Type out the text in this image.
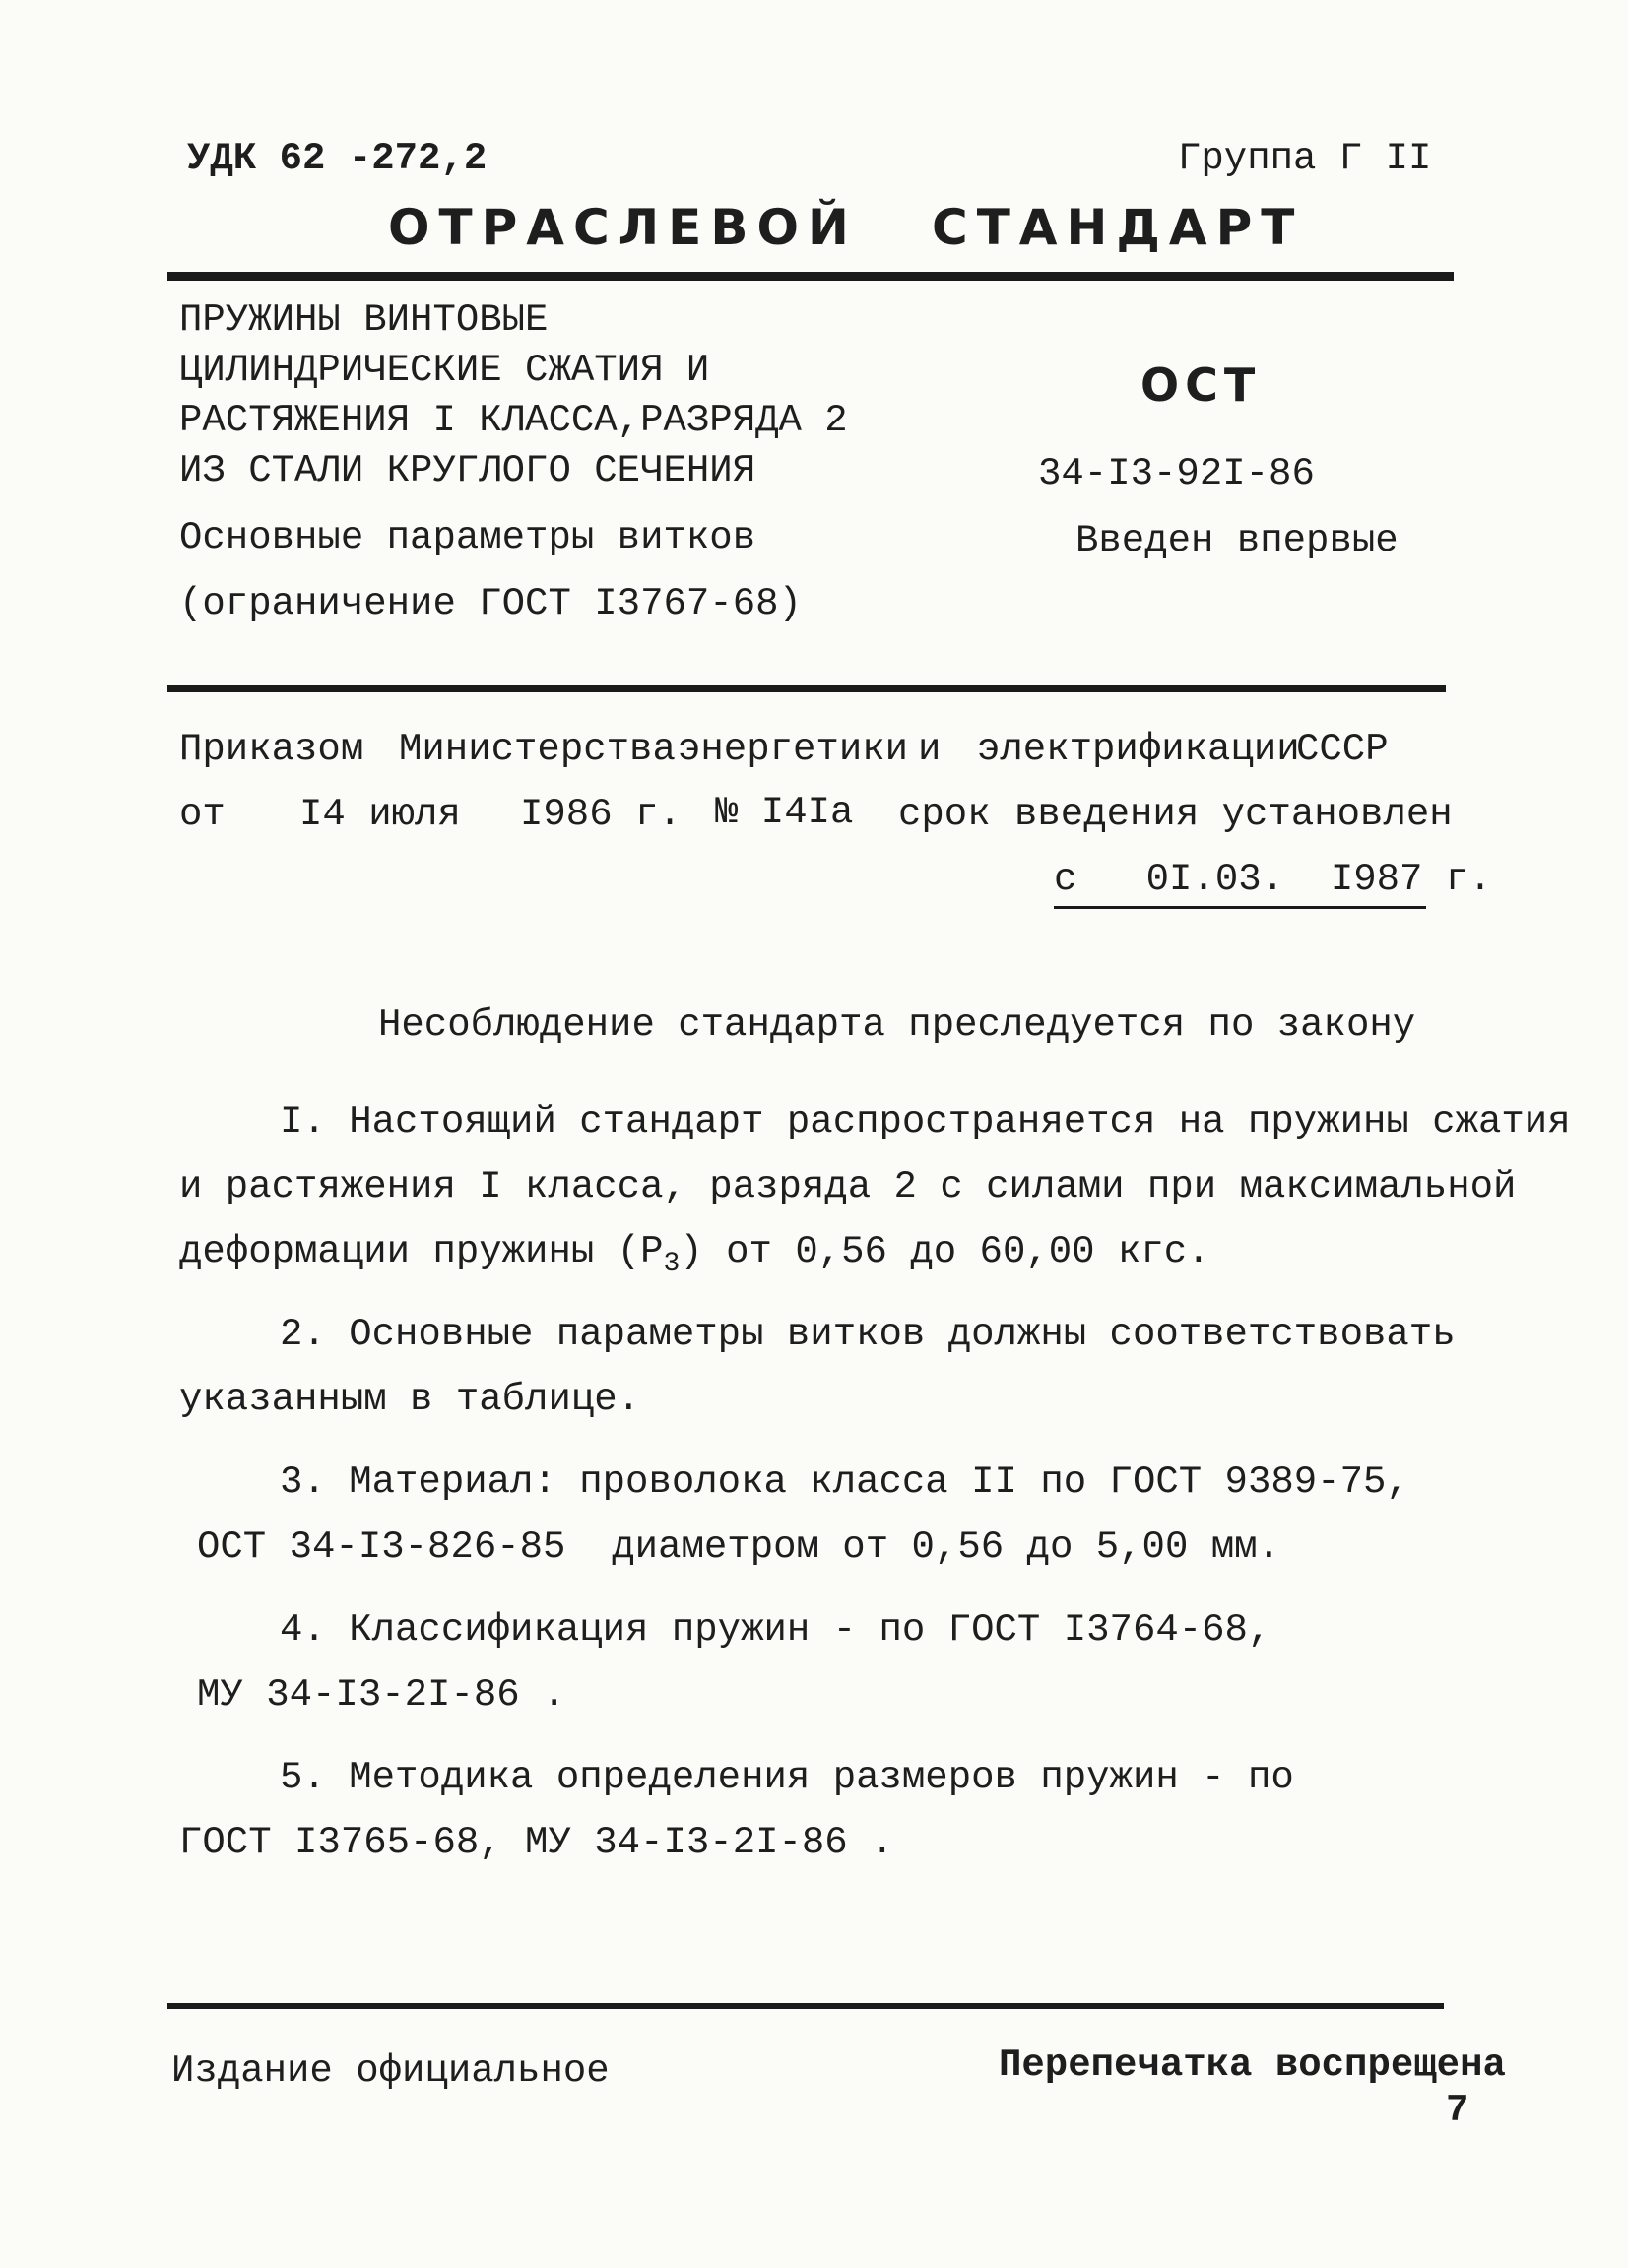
УДК 62 -272,2	Группа Г II
ОТРАСЛЕВОЙ СТАНДАРТ
ПРУЖИНЫ ВИНТОВЫЕ
ЦИЛИНДРИЧЕСКИЕ СЖАТИЯ И
РАСТЯЖЕНИЯ I КЛАССА,РАЗРЯДА 2
ИЗ СТАЛИ КРУГЛОГО СЕЧЕНИЯ
Основные параметры витков
(ограничение ГОСТ I3767-68)
ОСТ
34-I3-92I-86
Введен впервые
Приказом Министерства энергетики и электрификации
СССР
от I4 июля I986 г. № I4Ia срок введения установлен
с   0I.03.  I987 г.
Несоблюдение стандарта преследуется по закону
I. Настоящий стандарт распространяется на пружины сжатия
и растяжения I класса, разряда 2 с силами при максимальной
деформации пружины $(P_3)$ от 0,56 до 60,00 кгс.
2. Основные параметры витков должны соответствовать
указанным в таблице.
3. Материал: проволока класса II по ГОСТ 9389-75,
ОСТ 34-I3-826-85  диаметром от 0,56 до 5,00 мм.
4. Классификация пружин - по ГОСТ I3764-68,
МУ 34-I3-2I-86 .
5. Методика определения размеров пружин - по
ГОСТ I3765-68, МУ 34-I3-2I-86 .
Издание официальное	Перепечатка воспрещена
7
